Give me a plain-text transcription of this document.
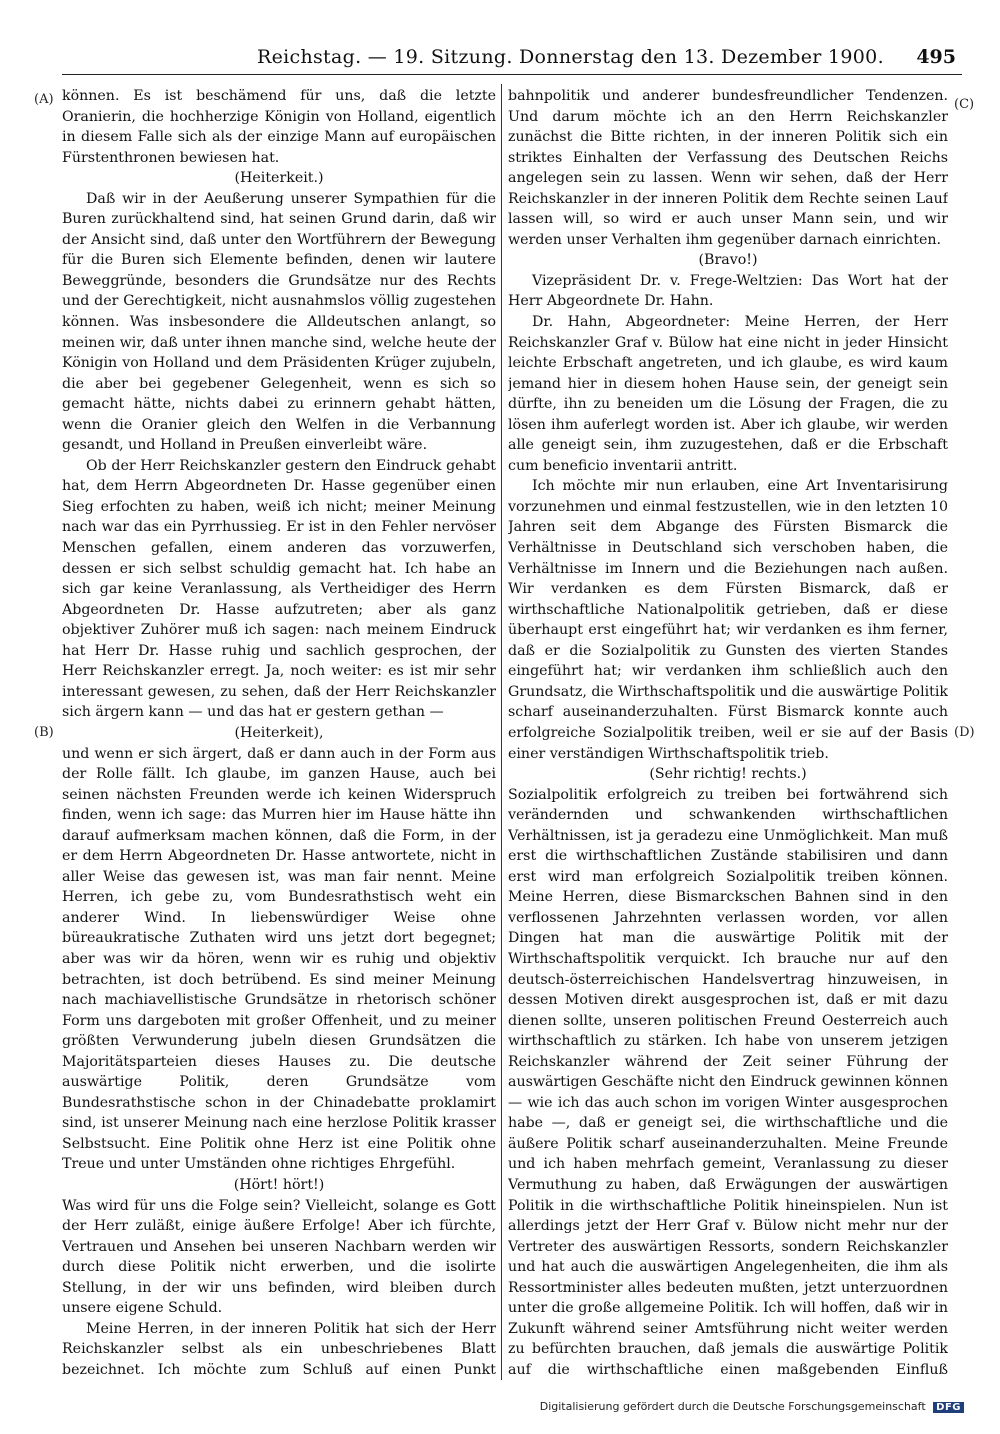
Reichstag. — 19. Sitzung. Donnerstag den 13. Dezember 1900. 495
(A)
(B)
(C)
(D)

können. Es ist beschämend für uns, daß die letzte Oranierin, die hochherzige Königin von Holland, eigentlich in diesem Falle sich als der einzige Mann auf europäischen Fürstenthronen bewiesen hat.

(Heiterkeit.)

Daß wir in der Aeußerung unserer Sympathien für die Buren zurückhaltend sind, hat seinen Grund darin, daß wir der Ansicht sind, daß unter den Wortführern der Bewegung für die Buren sich Elemente befinden, denen wir lautere Beweggründe, besonders die Grundsätze nur des Rechts und der Gerechtigkeit, nicht ausnahmslos völlig zugestehen können. Was insbesondere die Alldeutschen anlangt, so meinen wir, daß unter ihnen manche sind, welche heute der Königin von Holland und dem Präsidenten Krüger zujubeln, die aber bei gegebener Gelegenheit, wenn es sich so gemacht hätte, nichts dabei zu erinnern gehabt hätten, wenn die Oranier gleich den Welfen in die Verbannung gesandt, und Holland in Preußen einverleibt wäre.

Ob der Herr Reichskanzler gestern den Eindruck gehabt hat, dem Herrn Abgeordneten Dr. Hasse gegenüber einen Sieg erfochten zu haben, weiß ich nicht; meiner Meinung nach war das ein Pyrrhussieg. Er ist in den Fehler nervöser Menschen gefallen, einem anderen das vorzuwerfen, dessen er sich selbst schuldig gemacht hat. Ich habe an sich gar keine Veranlassung, als Vertheidiger des Herrn Abgeordneten Dr. Hasse aufzutreten; aber als ganz objektiver Zuhörer muß ich sagen: nach meinem Eindruck hat Herr Dr. Hasse ruhig und sachlich gesprochen, der Herr Reichskanzler erregt. Ja, noch weiter: es ist mir sehr interessant gewesen, zu sehen, daß der Herr Reichskanzler sich ärgern kann — und das hat er gestern gethan —

(Heiterkeit),

und wenn er sich ärgert, daß er dann auch in der Form aus der Rolle fällt. Ich glaube, im ganzen Hause, auch bei seinen nächsten Freunden werde ich keinen Widerspruch finden, wenn ich sage: das Murren hier im Hause hätte ihn darauf aufmerksam machen können, daß die Form, in der er dem Herrn Abgeordneten Dr. Hasse antwortete, nicht in aller Weise das gewesen ist, was man fair nennt. Meine Herren, ich gebe zu, vom Bundesrathstisch weht ein anderer Wind. In liebenswürdiger Weise ohne büreaukratische Zuthaten wird uns jetzt dort begegnet; aber was wir da hören, wenn wir es ruhig und objektiv betrachten, ist doch betrübend. Es sind meiner Meinung nach machiavellistische Grundsätze in rhetorisch schöner Form uns dargeboten mit großer Offenheit, und zu meiner größten Verwunderung jubeln diesen Grundsätzen die Majoritätsparteien dieses Hauses zu. Die deutsche auswärtige Politik, deren Grundsätze vom Bundesrathstische schon in der Chinadebatte proklamirt sind, ist unserer Meinung nach eine herzlose Politik krasser Selbstsucht. Eine Politik ohne Herz ist eine Politik ohne Treue und unter Umständen ohne richtiges Ehrgefühl.

(Hört! hört!)

Was wird für uns die Folge sein? Vielleicht, solange es Gott der Herr zuläßt, einige äußere Erfolge! Aber ich fürchte, Vertrauen und Ansehen bei unseren Nachbarn werden wir durch diese Politik nicht erwerben, und die isolirte Stellung, in der wir uns befinden, wird bleiben durch unsere eigene Schuld.

Meine Herren, in der inneren Politik hat sich der Herr Reichskanzler selbst als ein unbeschriebenes Blatt bezeichnet. Ich möchte zum Schluß auf einen Punkt

bahnpolitik und anderer bundesfreundlicher Tendenzen. Und darum möchte ich an den Herrn Reichskanzler zunächst die Bitte richten, in der inneren Politik sich ein striktes Einhalten der Verfassung des Deutschen Reichs angelegen sein zu lassen. Wenn wir sehen, daß der Herr Reichskanzler in der inneren Politik dem Rechte seinen Lauf lassen will, so wird er auch unser Mann sein, und wir werden unser Verhalten ihm gegenüber darnach einrichten.

(Bravo!)

Vizepräsident Dr. v. Frege-Weltzien: Das Wort hat der Herr Abgeordnete Dr. Hahn.

Dr. Hahn, Abgeordneter: Meine Herren, der Herr Reichskanzler Graf v. Bülow hat eine nicht in jeder Hinsicht leichte Erbschaft angetreten, und ich glaube, es wird kaum jemand hier in diesem hohen Hause sein, der geneigt sein dürfte, ihn zu beneiden um die Lösung der Fragen, die zu lösen ihm auferlegt worden ist. Aber ich glaube, wir werden alle geneigt sein, ihm zuzugestehen, daß er die Erbschaft cum beneficio inventarii antritt.

Ich möchte mir nun erlauben, eine Art Inventarisirung vorzunehmen und einmal festzustellen, wie in den letzten 10 Jahren seit dem Abgange des Fürsten Bismarck die Verhältnisse in Deutschland sich verschoben haben, die Verhältnisse im Innern und die Beziehungen nach außen. Wir verdanken es dem Fürsten Bismarck, daß er wirthschaftliche Nationalpolitik getrieben, daß er diese überhaupt erst eingeführt hat; wir verdanken es ihm ferner, daß er die Sozialpolitik zu Gunsten des vierten Standes eingeführt hat; wir verdanken ihm schließlich auch den Grundsatz, die Wirthschaftspolitik und die auswärtige Politik scharf auseinanderzuhalten. Fürst Bismarck konnte auch erfolgreiche Sozialpolitik treiben, weil er sie auf der Basis einer verständigen Wirthschaftspolitik trieb.

(Sehr richtig! rechts.)

Sozialpolitik erfolgreich zu treiben bei fortwährend sich verändernden und schwankenden wirthschaftlichen Verhältnissen, ist ja geradezu eine Unmöglichkeit. Man muß erst die wirthschaftlichen Zustände stabilisiren und dann erst wird man erfolgreich Sozialpolitik treiben können. Meine Herren, diese Bismarckschen Bahnen sind in den verflossenen Jahrzehnten verlassen worden, vor allen Dingen hat man die auswärtige Politik mit der Wirthschaftspolitik verquickt. Ich brauche nur auf den deutsch-österreichischen Handelsvertrag hinzuweisen, in dessen Motiven direkt ausgesprochen ist, daß er mit dazu dienen sollte, unseren politischen Freund Oesterreich auch wirthschaftlich zu stärken. Ich habe von unserem jetzigen Reichskanzler während der Zeit seiner Führung der auswärtigen Geschäfte nicht den Eindruck gewinnen können — wie ich das auch schon im vorigen Winter ausgesprochen habe —, daß er geneigt sei, die wirthschaftliche und die äußere Politik scharf auseinanderzuhalten. Meine Freunde und ich haben mehrfach gemeint, Veranlassung zu dieser Vermuthung zu haben, daß Erwägungen der auswärtigen Politik in die wirthschaftliche Politik hineinspielen. Nun ist allerdings jetzt der Herr Graf v. Bülow nicht mehr nur der Vertreter des auswärtigen Ressorts, sondern Reichskanzler und hat auch die auswärtigen Angelegenheiten, die ihm als Ressortminister alles bedeuten mußten, jetzt unterzuordnen unter die große allgemeine Politik. Ich will hoffen, daß wir in Zukunft während seiner Amtsführung nicht weiter werden zu befürchten brauchen, daß jemals die auswärtige Politik auf die wirthschaftliche einen maßgebenden Einfluß

Digitalisierung gefördert durch die Deutsche Forschungsgemeinschaft DFG
